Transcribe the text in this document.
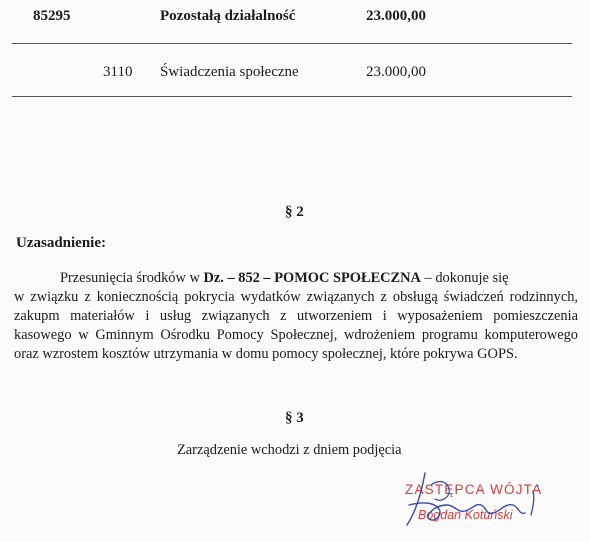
85295	Pozostałą działalność	23.000,00
3110 Świadczenia społeczne	23.000,00
§ 2
Uzasadnienie:
Przesunięcia środków w Dz. – 852 – POMOC SPOŁECZNA – dokonuje się
w związku z koniecznością pokrycia wydatków związanych z obsługą świadczeń rodzinnych,
zakupm materiałów i usług związanych z utworzeniem i wyposażeniem pomieszczenia
kasowego w Gminnym Ośrodku Pomocy Społecznej, wdrożeniem programu komputerowego
oraz wzrostem kosztów utrzymania w domu pomocy społecznej, które pokrywa GOPS.
§ 3
Zarządzenie wchodzi z dniem podjęcia
ZASTĘPCA WÓJTA
Bogdan Kotuński
